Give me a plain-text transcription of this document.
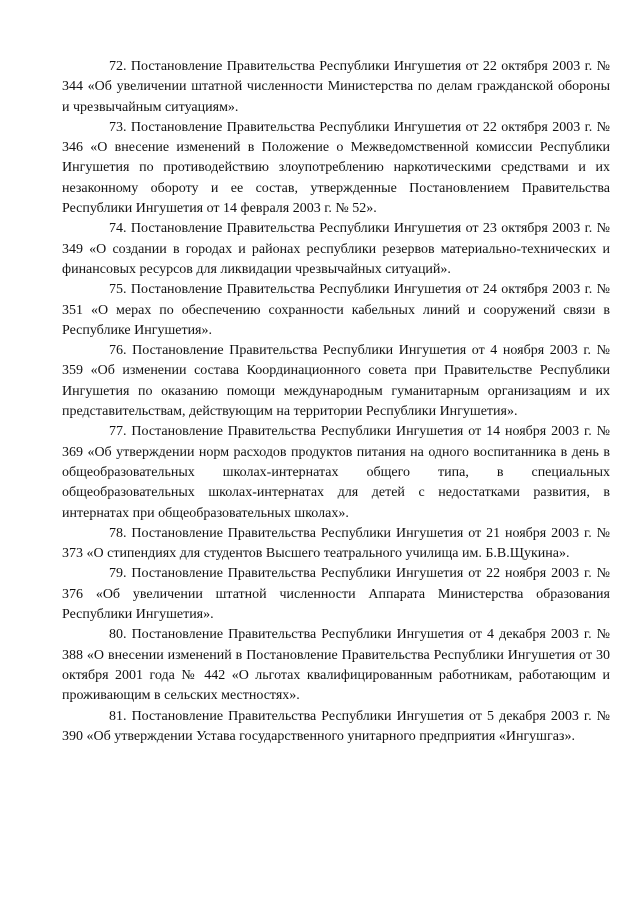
72. Постановление Правительства Республики Ингушетия от 22 октября 2003 г. № 344 «Об увеличении штатной численности Министерства по делам гражданской обороны и чрезвычайным ситуациям».

73. Постановление Правительства Республики Ингушетия от 22 октября 2003 г. № 346 «О внесение изменений в Положение о Межведомственной комиссии Республики Ингушетия по противодействию злоупотреблению наркотическими средствами и их незаконному обороту и ее состав, утвержденные Постановлением Правительства Республики Ингушетия от 14 февраля 2003 г. № 52».

74. Постановление Правительства Республики Ингушетия от 23 октября 2003 г. № 349 «О создании в городах и районах республики резервов материально-технических и финансовых ресурсов для ликвидации чрезвычайных ситуаций».

75. Постановление Правительства Республики Ингушетия от 24 октября 2003 г. № 351 «О мерах по обеспечению сохранности кабельных линий и сооружений связи в Республике Ингушетия».

76. Постановление Правительства Республики Ингушетия от 4 ноября 2003 г. № 359 «Об изменении состава Координационного совета при Правительстве Республики Ингушетия по оказанию помощи международным гуманитарным организациям и их представительствам, действующим на территории Республики Ингушетия».

77. Постановление Правительства Республики Ингушетия от 14 ноября 2003 г. № 369 «Об утверждении норм расходов продуктов питания на одного воспитанника в день в общеобразовательных школах-интернатах общего типа, в специальных общеобразовательных школах-интернатах для детей с недостатками развития, в интернатах при общеобразовательных школах».

78. Постановление Правительства Республики Ингушетия от 21 ноября 2003 г. № 373 «О стипендиях для студентов Высшего театрального училища им. Б.В.Щукина».

79. Постановление Правительства Республики Ингушетия от 22 ноября 2003 г. № 376 «Об увеличении штатной численности Аппарата Министерства образования Республики Ингушетия».

80. Постановление Правительства Республики Ингушетия от 4 декабря 2003 г. № 388 «О внесении изменений в Постановление Правительства Республики Ингушетия от 30 октября 2001 года № 442 «О льготах квалифицированным работникам, работающим и проживающим в сельских местностях».

81. Постановление Правительства Республики Ингушетия от 5 декабря 2003 г. № 390 «Об утверждении Устава государственного унитарного предприятия «Ингушгаз».
